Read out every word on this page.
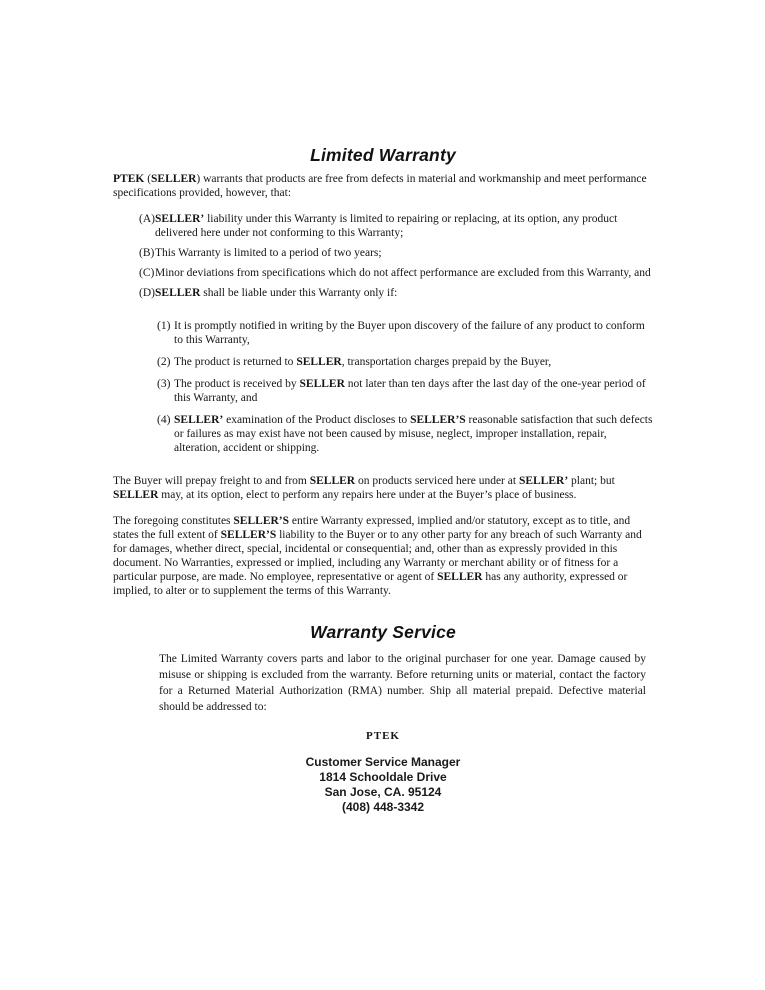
Limited Warranty

PTEK (SELLER) warrants that products are free from defects in material and workmanship and meet performance specifications provided, however, that:

(A) SELLER’ liability under this Warranty is limited to repairing or replacing, at its option, any product delivered here under not conforming to this Warranty;
(B) This Warranty is limited to a period of two years;
(C) Minor deviations from specifications which do not affect performance are excluded from this Warranty, and
(D) SELLER shall be liable under this Warranty only if:
(1) It is promptly notified in writing by the Buyer upon discovery of the failure of any product to conform to this Warranty,
(2) The product is returned to SELLER, transportation charges prepaid by the Buyer,
(3) The product is received by SELLER not later than ten days after the last day of the one-year period of this Warranty, and
(4) SELLER’ examination of the Product discloses to SELLER’S reasonable satisfaction that such defects or failures as may exist have not been caused by misuse, neglect, improper installation, repair, alteration, accident or shipping.

The Buyer will prepay freight to and from SELLER on products serviced here under at SELLER’ plant; but SELLER may, at its option, elect to perform any repairs here under at the Buyer’s place of business.

The foregoing constitutes SELLER’S entire Warranty expressed, implied and/or statutory, except as to title, and states the full extent of SELLER’S liability to the Buyer or to any other party for any breach of such Warranty and for damages, whether direct, special, incidental or consequential; and, other than as expressly provided in this document. No Warranties, expressed or implied, including any Warranty or merchant ability or of fitness for a particular purpose, are made. No employee, representative or agent of SELLER has any authority, expressed or implied, to alter or to supplement the terms of this Warranty.

Warranty Service

The Limited Warranty covers parts and labor to the original purchaser for one year. Damage caused by misuse or shipping is excluded from the warranty. Before returning units or material, contact the factory for a Returned Material Authorization (RMA) number. Ship all material prepaid. Defective material should be addressed to:

PTEK

Customer Service Manager
1814 Schooldale Drive
San Jose, CA. 95124
(408) 448-3342
